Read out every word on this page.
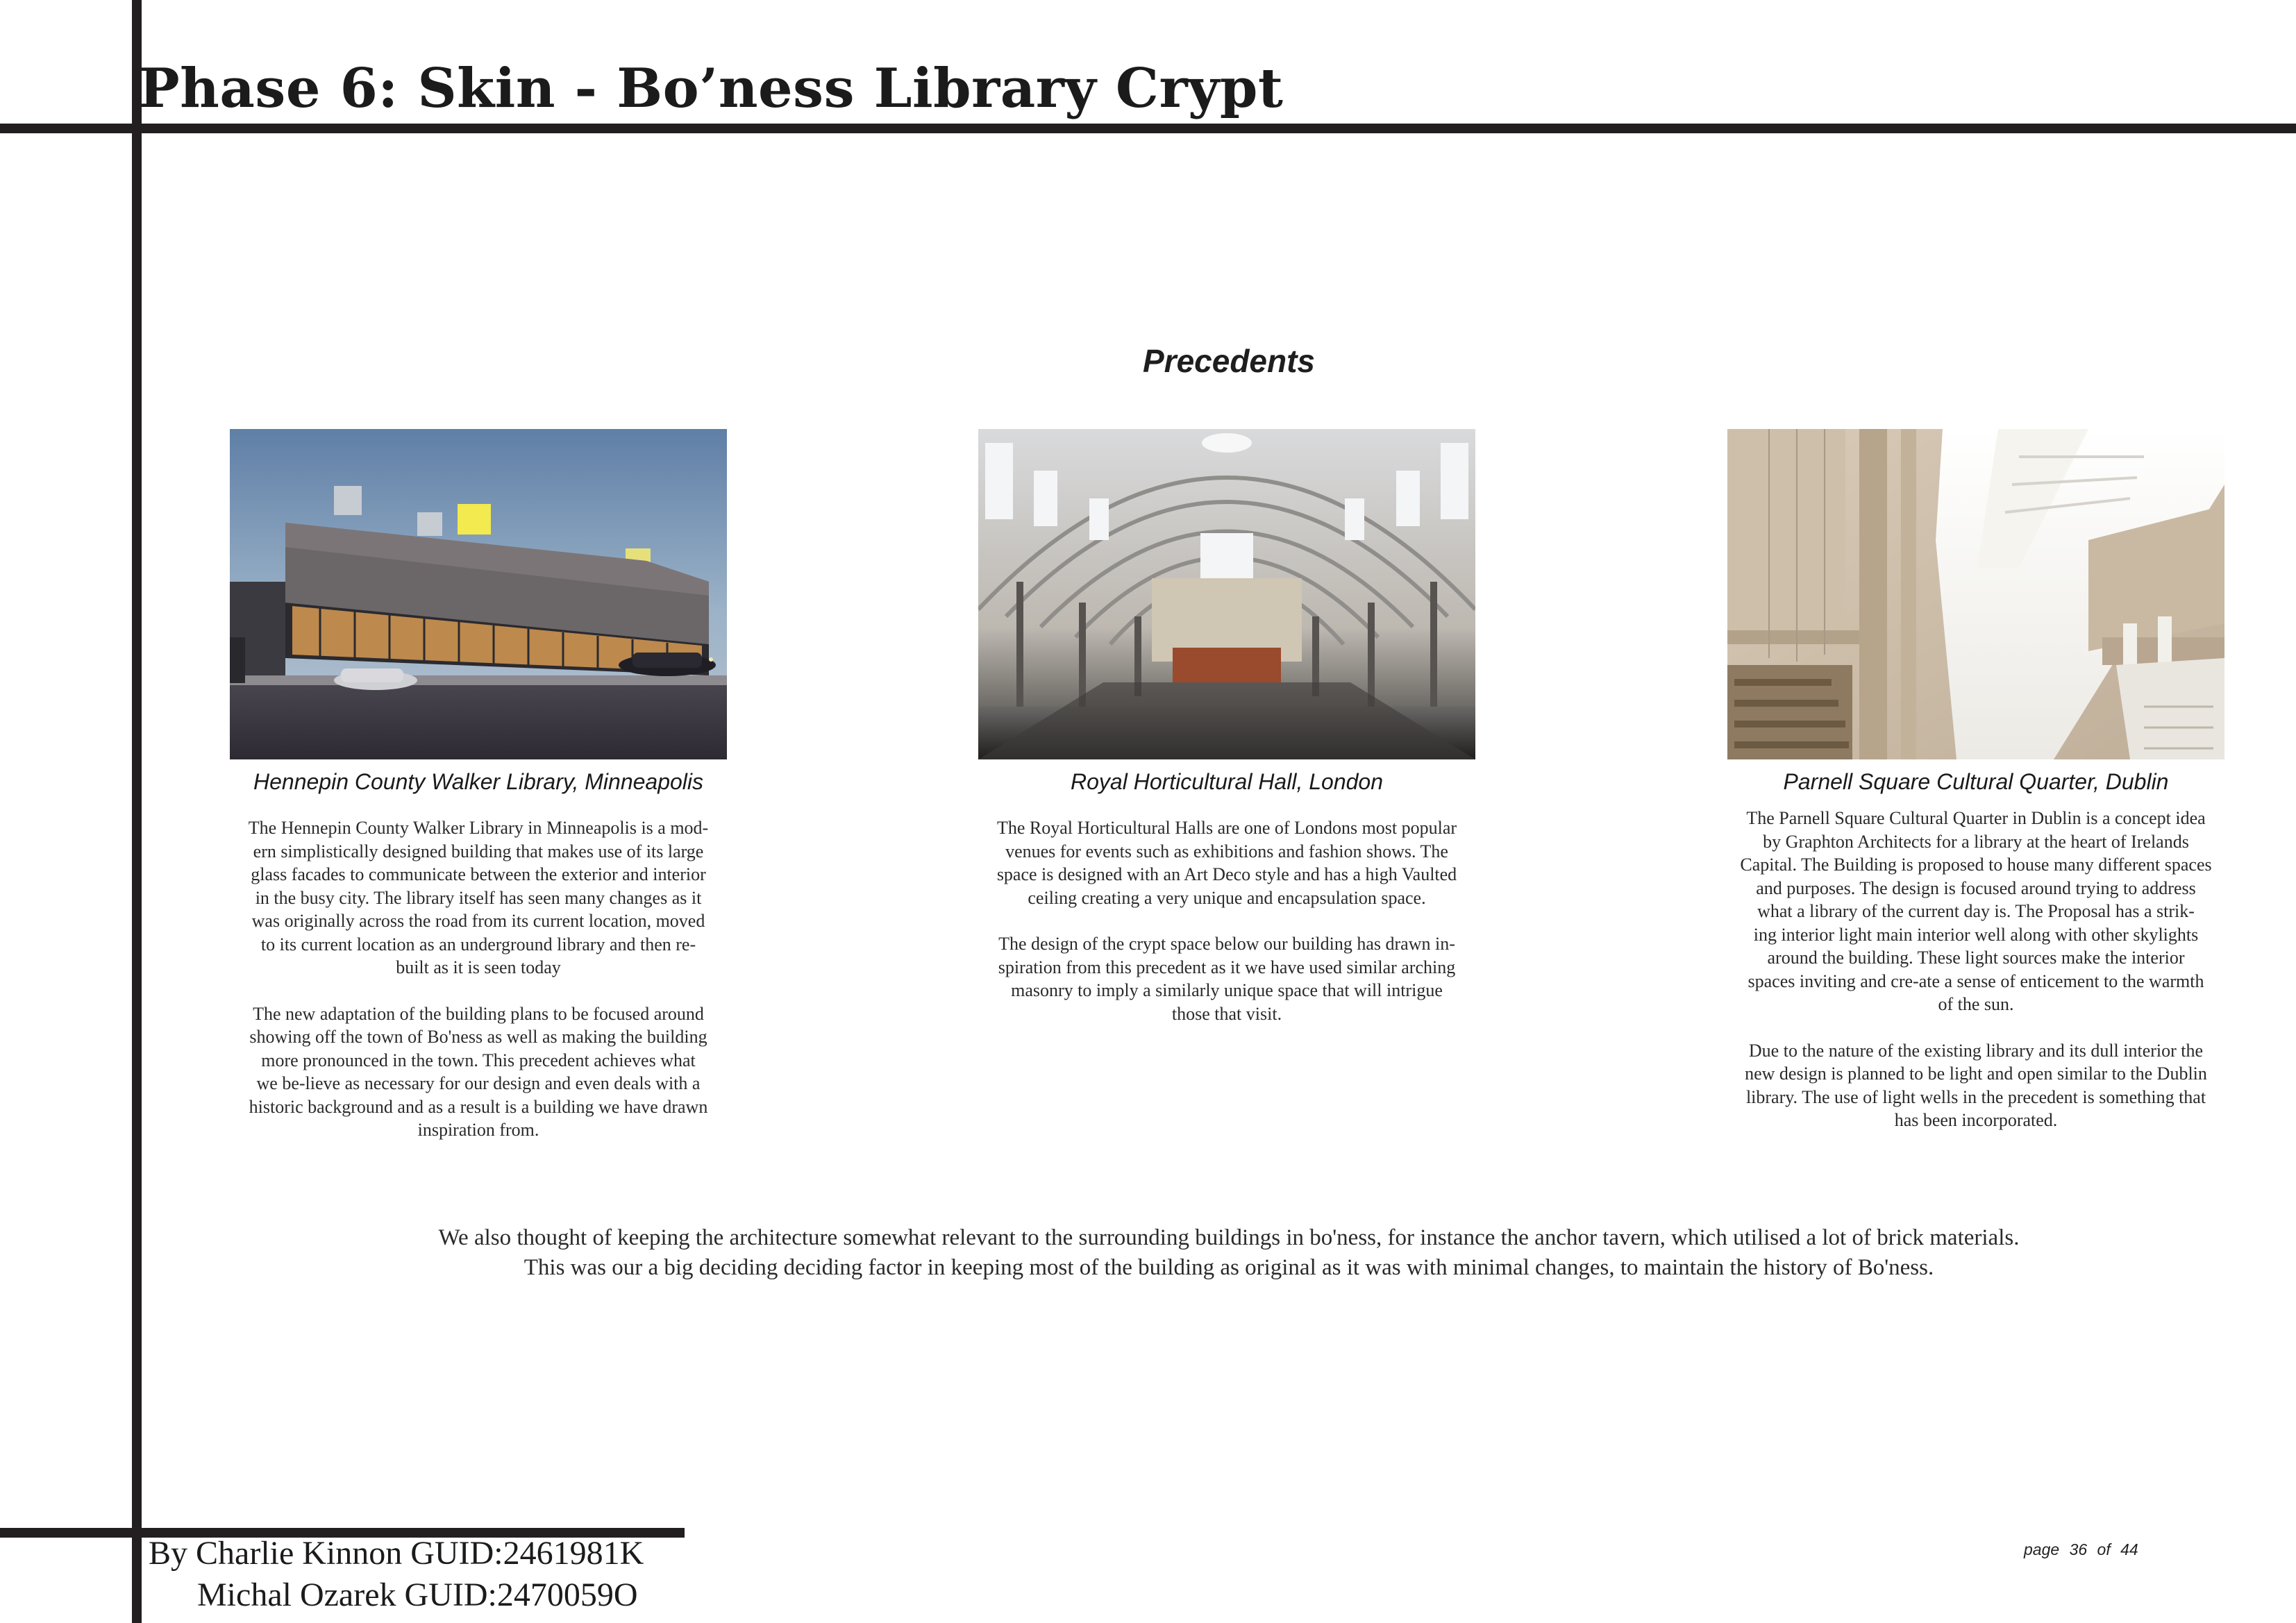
Phase 6: Skin - Bo’ness Library Crypt
Precedents
Hennepin County Walker Library, Minneapolis
The Hennepin County Walker Library in Minneapolis is a mod-
ern simplistically designed building that makes use of its large
glass facades to communicate between the exterior and interior
in the busy city. The library itself has seen many changes as it
was originally across the road from its current location, moved
to its current location as an underground library and then re-
built as it is seen today
The new adaptation of the building plans to be focused around
showing off the town of Bo'ness as well as making the building
more pronounced in the town. This precedent achieves what
we be-lieve as necessary for our design and even deals with a
historic background and as a result is a building we have drawn
inspiration from.
Royal Horticultural Hall, London
The Royal Horticultural Halls are one of Londons most popular
venues for events such as exhibitions and fashion shows. The
space is designed with an Art Deco style and has a high Vaulted
ceiling creating a very unique and encapsulation space.
The design of the crypt space below our building has drawn in-
spiration from this precedent as it we have used similar arching
masonry to imply a similarly unique space that will intrigue
those that visit.
Parnell Square Cultural Quarter, Dublin
The Parnell Square Cultural Quarter in Dublin is a concept idea
by Graphton Architects for a library at the heart of Irelands
Capital. The Building is proposed to house many different spaces
and purposes. The design is focused around trying to address
what a library of the current day is. The Proposal has a strik-
ing interior light main interior well along with other skylights
around the building. These light sources make the interior
spaces inviting and cre-ate a sense of enticement to the warmth
of the sun.
Due to the nature of the existing library and its dull interior the
new design is planned to be light and open similar to the Dublin
library. The use of light wells in the precedent is something that
has been incorporated.
We also thought of keeping the architecture somewhat relevant to the surrounding buildings in bo'ness, for instance the anchor tavern, which utilised a lot of brick materials.
This was our a big deciding deciding factor in keeping most of the building as original as it was with minimal changes, to maintain the history of Bo'ness.
By Charlie Kinnon GUID:2461981K
Michal Ozarek GUID:2470059O
page 36 of 44
